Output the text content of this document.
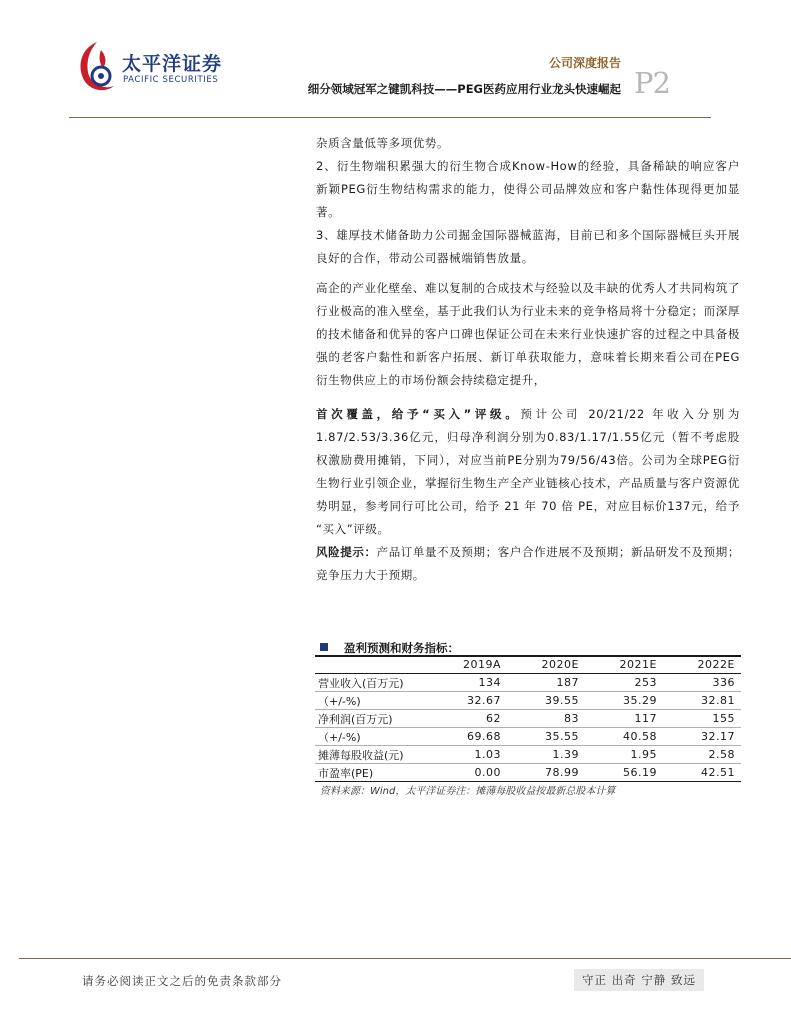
太平洋证券
PACIFIC SECURITIES
公司深度报告
细分领域冠军之键凯科技——PEG医药应用行业龙头快速崛起 P2

杂质含量低等多项优势。

2、衍生物端积累强大的衍生物合成Know-How的经验，具备稀缺的响应客户新颖PEG衍生物结构需求的能力，使得公司品牌效应和客户黏性体现得更加显著。

3、雄厚技术储备助力公司掘金国际器械蓝海，目前已和多个国际器械巨头开展良好的合作，带动公司器械端销售放量。

高企的产业化壁垒、难以复制的合成技术与经验以及丰缺的优秀人才共同构筑了行业极高的准入壁垒，基于此我们认为行业未来的竞争格局将十分稳定；而深厚的技术储备和优异的客户口碑也保证公司在未来行业快速扩容的过程之中具备极强的老客户黏性和新客户拓展、新订单获取能力，意味着长期来看公司在PEG衍生物供应上的市场份额会持续稳定提升，

首次覆盖，给予“买入”评级。预计公司 20/21/22 年收入分别为1.87/2.53/3.36亿元，归母净利润分别为0.83/1.17/1.55亿元（暂不考虑股权激励费用摊销，下同），对应当前PE分别为79/56/43倍。公司为全球PEG衍生物行业引领企业，掌握衍生物生产全产业链核心技术，产品质量与客户资源优势明显，参考同行可比公司，给予 21 年 70 倍 PE，对应目标价137元，给予 “买入”评级。

风险提示：产品订单量不及预期；客户合作进展不及预期；新品研发不及预期；竞争压力大于预期。

盈利预测和财务指标：
	2019A	2020E	2021E	2022E
营业收入(百万元)	134	187	253	336
（+/-%)	32.67	39.55	35.29	32.81
净利润(百万元)	62	83	117	155
（+/-%)	69.68	35.55	40.58	32.17
摊薄每股收益(元)	1.03	1.39	1.95	2.58
市盈率(PE)	0.00	78.99	56.19	42.51
资料来源：Wind，太平洋证券注：摊薄每股收益按最新总股本计算
请务必阅读正文之后的免责条款部分	守正 出奇 宁静 致远
